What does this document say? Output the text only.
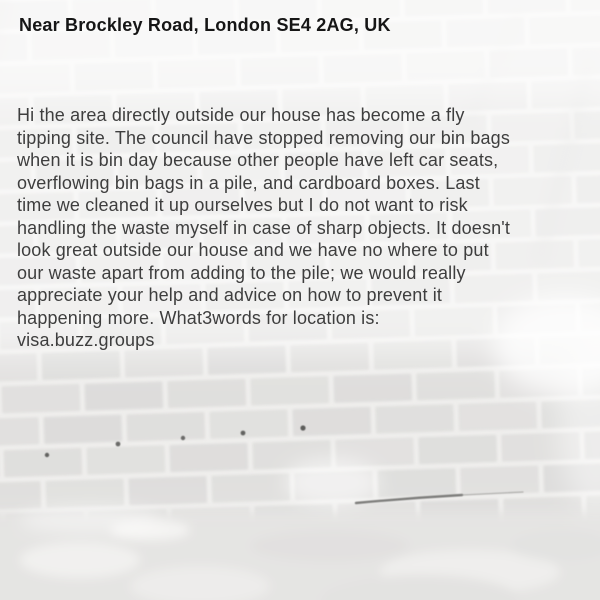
Near Brockley Road, London SE4 2AG, UK
Hi the area directly outside our house has become a fly
tipping site. The council have stopped removing our bin bags
when it is bin day because other people have left car seats,
overflowing bin bags in a pile, and cardboard boxes. Last
time we cleaned it up ourselves but I do not want to risk
handling the waste myself in case of sharp objects. It doesn't
look great outside our house and we have no where to put
our waste apart from adding to the pile; we would really
appreciate your help and advice on how to prevent it
happening more. What3words for location is:
visa.buzz.groups
